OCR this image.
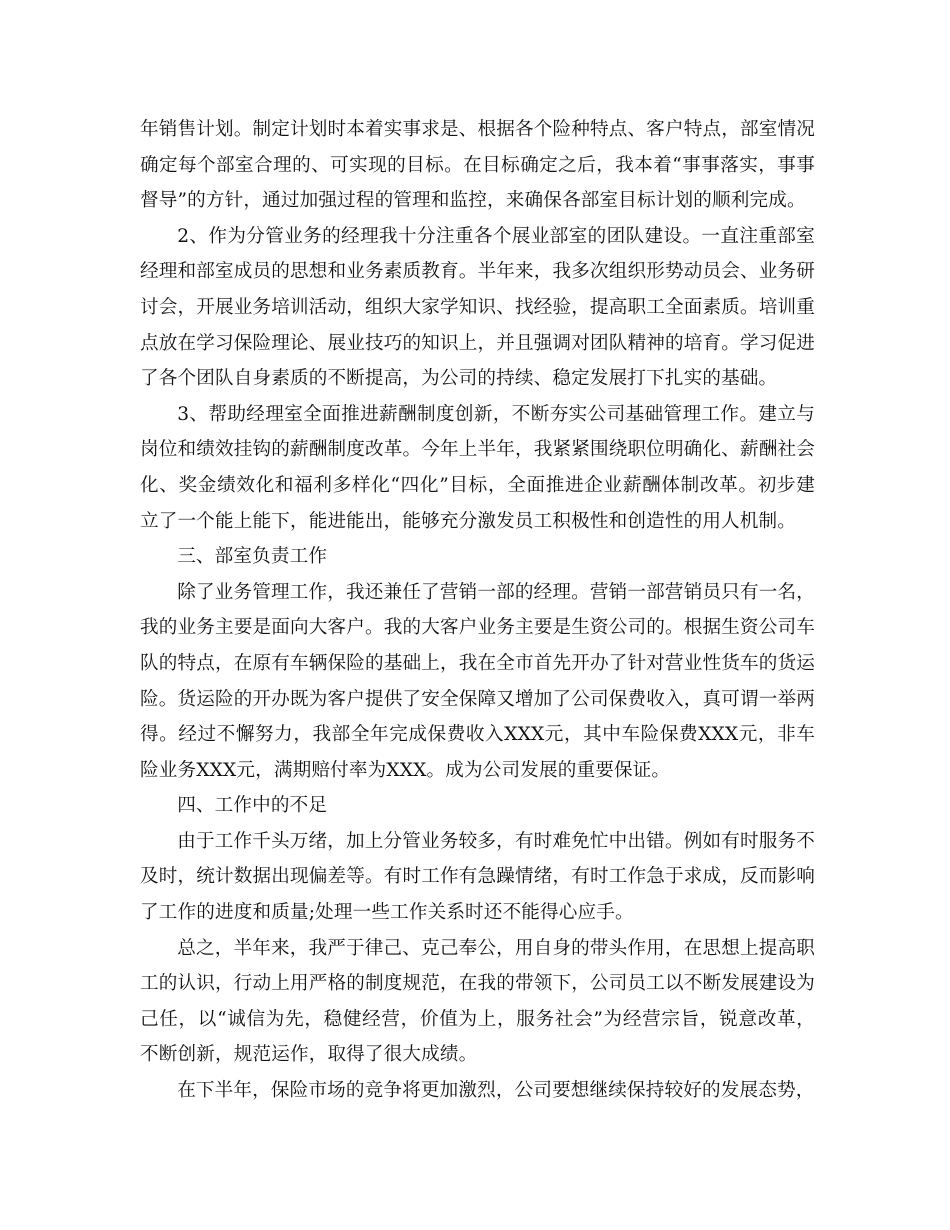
年销售计划。制定计划时本着实事求是、根据各个险种特点、客户特点，部室情况确定每个部室合理的、可实现的目标。在目标确定之后，我本着“事事落实，事事督导”的方针，通过加强过程的管理和监控，来确保各部室目标计划的顺利完成。

2、作为分管业务的经理我十分注重各个展业部室的团队建设。一直注重部室经理和部室成员的思想和业务素质教育。半年来，我多次组织形势动员会、业务研讨会，开展业务培训活动，组织大家学知识、找经验，提高职工全面素质。培训重点放在学习保险理论、展业技巧的知识上，并且强调对团队精神的培育。学习促进了各个团队自身素质的不断提高，为公司的持续、稳定发展打下扎实的基础。

3、帮助经理室全面推进薪酬制度创新，不断夯实公司基础管理工作。建立与岗位和绩效挂钩的薪酬制度改革。今年上半年，我紧紧围绕职位明确化、薪酬社会化、奖金绩效化和福利多样化“四化”目标，全面推进企业薪酬体制改革。初步建立了一个能上能下，能进能出，能够充分激发员工积极性和创造性的用人机制。

三、部室负责工作

除了业务管理工作，我还兼任了营销一部的经理。营销一部营销员只有一名，我的业务主要是面向大客户。我的大客户业务主要是生资公司的。根据生资公司车队的特点，在原有车辆保险的基础上，我在全市首先开办了针对营业性货车的货运险。货运险的开办既为客户提供了安全保障又增加了公司保费收入，真可谓一举两得。经过不懈努力，我部全年完成保费收入XXX元，其中车险保费XXX元，非车险业务XXX元，满期赔付率为XXX。成为公司发展的重要保证。

四、工作中的不足

由于工作千头万绪，加上分管业务较多，有时难免忙中出错。例如有时服务不及时，统计数据出现偏差等。有时工作有急躁情绪，有时工作急于求成，反而影响了工作的进度和质量;处理一些工作关系时还不能得心应手。

总之，半年来，我严于律己、克己奉公，用自身的带头作用，在思想上提高职工的认识，行动上用严格的制度规范，在我的带领下，公司员工以不断发展建设为己任，以“诚信为先，稳健经营，价值为上，服务社会”为经营宗旨，锐意改革，不断创新，规范运作，取得了很大成绩。

在下半年，保险市场的竞争将更加激烈，公司要想继续保持较好的发展态势，
